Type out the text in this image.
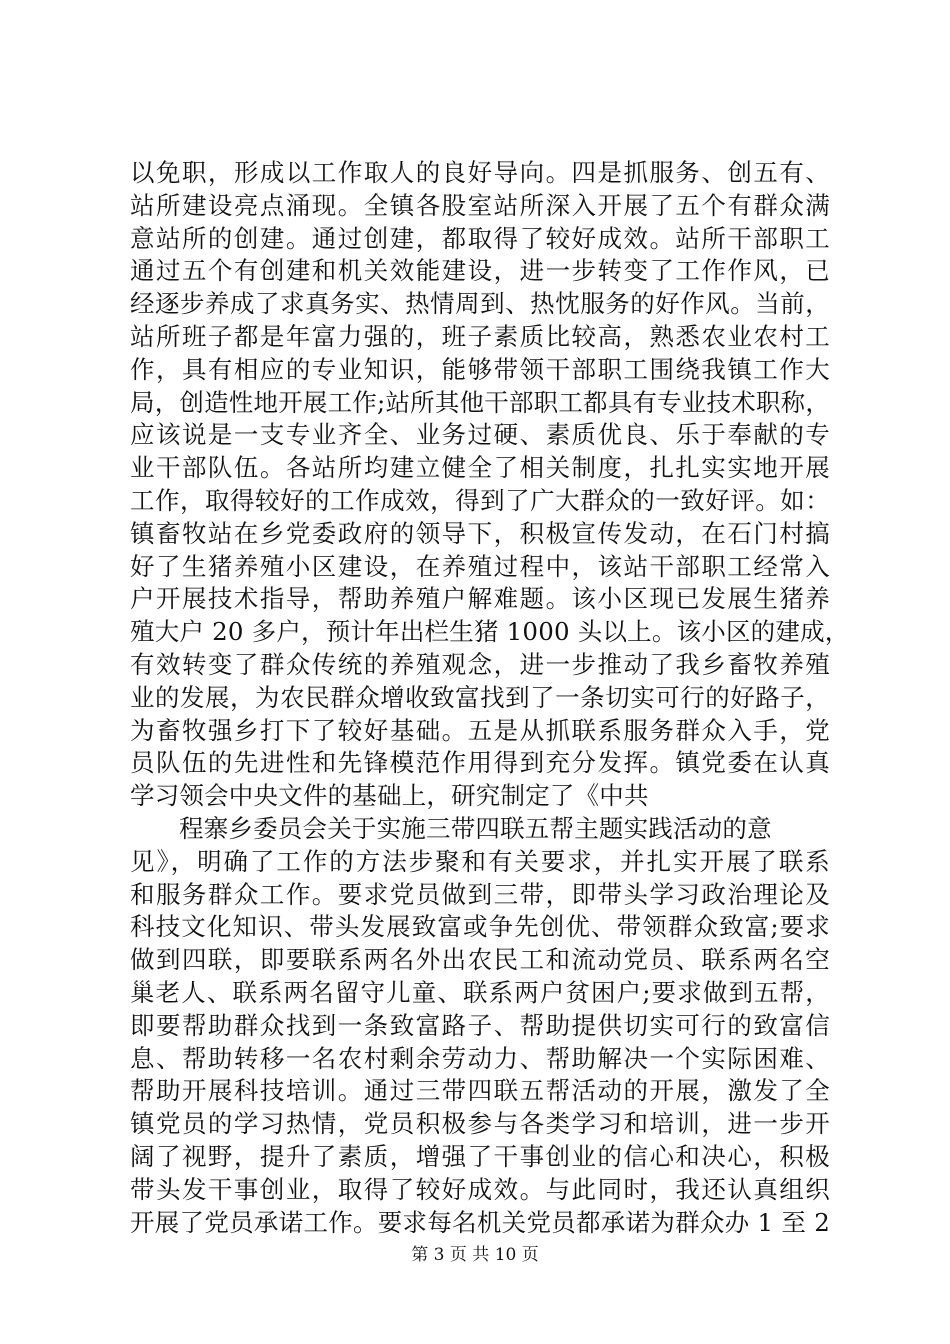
以免职，形成以工作取人的良好导向。四是抓服务、创五有、
站所建设亮点涌现。全镇各股室站所深入开展了五个有群众满
意站所的创建。通过创建，都取得了较好成效。站所干部职工
通过五个有创建和机关效能建设，进一步转变了工作作风，已
经逐步养成了求真务实、热情周到、热忱服务的好作风。当前，
站所班子都是年富力强的，班子素质比较高，熟悉农业农村工
作，具有相应的专业知识，能够带领干部职工围绕我镇工作大
局，创造性地开展工作;站所其他干部职工都具有专业技术职称，
应该说是一支专业齐全、业务过硬、素质优良、乐于奉献的专
业干部队伍。各站所均建立健全了相关制度，扎扎实实地开展
工作，取得较好的工作成效，得到了广大群众的一致好评。如：
镇畜牧站在乡党委政府的领导下，积极宣传发动，在石门村搞
好了生猪养殖小区建设，在养殖过程中，该站干部职工经常入
户开展技术指导，帮助养殖户解难题。该小区现已发展生猪养
殖大户 20 多户，预计年出栏生猪 1000 头以上。该小区的建成，
有效转变了群众传统的养殖观念，进一步推动了我乡畜牧养殖
业的发展，为农民群众增收致富找到了一条切实可行的好路子，
为畜牧强乡打下了较好基础。五是从抓联系服务群众入手，党
员队伍的先进性和先锋模范作用得到充分发挥。镇党委在认真
学习领会中央文件的基础上，研究制定了《中共
程寨乡委员会关于实施三带四联五帮主题实践活动的意
见》，明确了工作的方法步聚和有关要求，并扎实开展了联系
和服务群众工作。要求党员做到三带，即带头学习政治理论及
科技文化知识、带头发展致富或争先创优、带领群众致富;要求
做到四联，即要联系两名外出农民工和流动党员、联系两名空
巢老人、联系两名留守儿童、联系两户贫困户;要求做到五帮，
即要帮助群众找到一条致富路子、帮助提供切实可行的致富信
息、帮助转移一名农村剩余劳动力、帮助解决一个实际困难、
帮助开展科技培训。通过三带四联五帮活动的开展，激发了全
镇党员的学习热情，党员积极参与各类学习和培训，进一步开
阔了视野，提升了素质，增强了干事创业的信心和决心，积极
带头发干事创业，取得了较好成效。与此同时，我还认真组织
开展了党员承诺工作。要求每名机关党员都承诺为群众办 1 至 2
第 3 页 共 10 页
